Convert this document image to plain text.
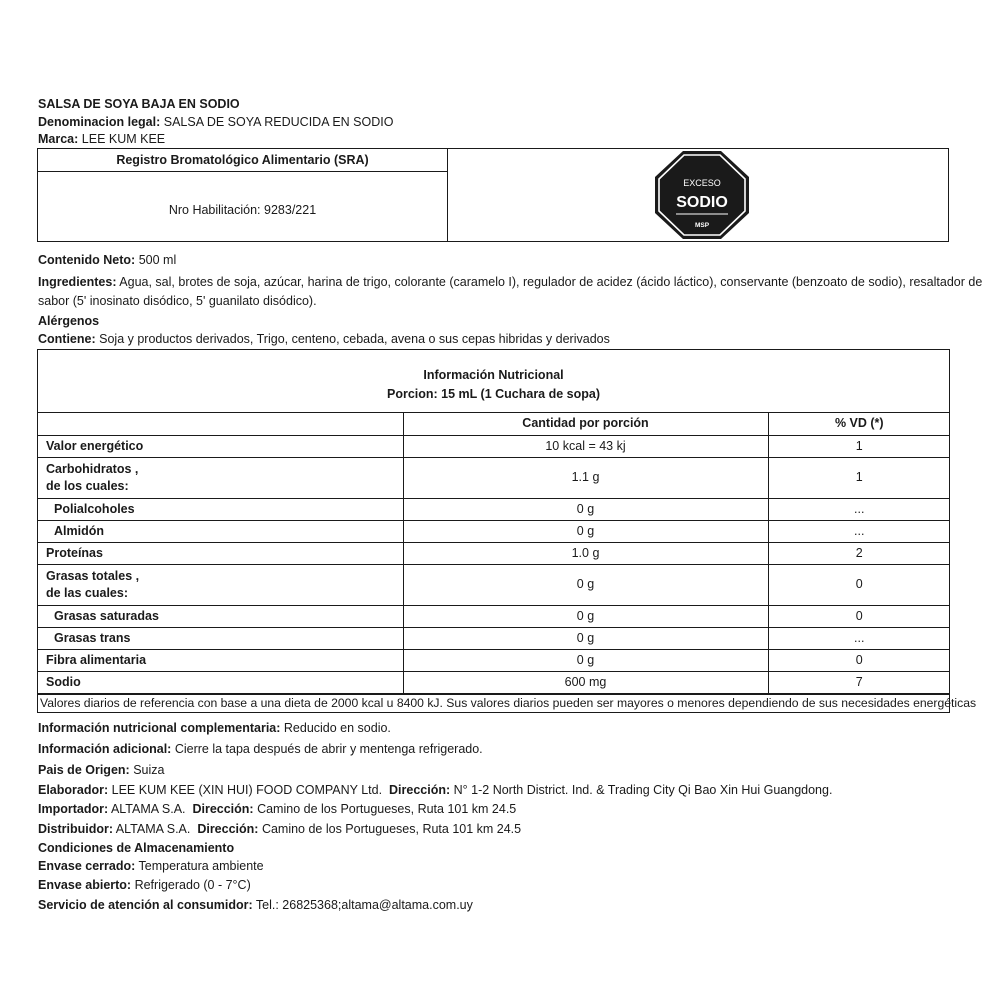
SALSA DE SOYA BAJA EN SODIO
Denominacion legal: SALSA DE SOYA REDUCIDA EN SODIO
Marca: LEE KUM KEE
Registro Bromatológico Alimentario (SRA)
Nro Habilitación: 9283/221
EXCESO
SODIO
MSP
Contenido Neto: 500 ml
Ingredientes: Agua, sal, brotes de soja, azúcar, harina de trigo, colorante (caramelo I), regulador de acidez (ácido láctico), conservante (benzoato de sodio), resaltador de
sabor (5' inosinato disódico, 5' guanilato disódico).
Alérgenos
Contiene: Soja y productos derivados, Trigo, centeno, cebada, avena o sus cepas hibridas y derivados
Información Nutricional
Porcion: 15 mL (1 Cuchara de sopa)
	Cantidad por porción	% VD (*)
Valor energético	10 kcal = 43 kj	1

Carbohidratos ,
de los cuales:	1.1 g	1
Polialcoholes	0 g	...
Almidón	0 g	...
Proteínas	1.0 g	2

Grasas totales ,
de las cuales:	0 g	0
Grasas saturadas	0 g	0
Grasas trans	0 g	...
Fibra alimentaria	0 g	0
Sodio	600 mg	7
Valores diarios de referencia con base a una dieta de 2000 kcal u 8400 kJ. Sus valores diarios pueden ser mayores o menores dependiendo de sus necesidades energéticas
Información nutricional complementaria: Reducido en sodio.
Información adicional: Cierre la tapa después de abrir y mentenga refrigerado.
Pais de Origen: Suiza
Elaborador: LEE KUM KEE (XIN HUI) FOOD COMPANY Ltd. Dirección: N° 1-2 North District. Ind. & Trading City Qi Bao Xin Hui Guangdong.
Importador: ALTAMA S.A. Dirección: Camino de los Portugueses, Ruta 101 km 24.5
Distribuidor: ALTAMA S.A. Dirección: Camino de los Portugueses, Ruta 101 km 24.5
Condiciones de Almacenamiento
Envase cerrado: Temperatura ambiente
Envase abierto: Refrigerado (0 - 7°C)
Servicio de atención al consumidor: Tel.: 26825368;altama@altama.com.uy
